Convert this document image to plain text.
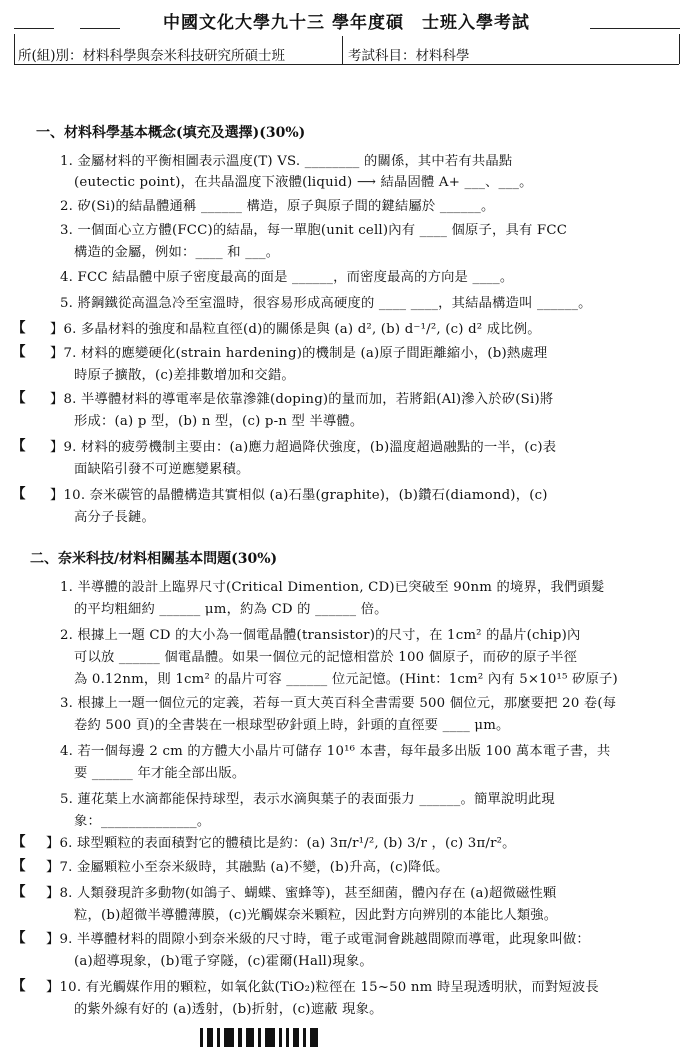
中國文化大學九十三 學年度碩　士班入學考試
所(組)別：材料科學與奈米科技研究所碩士班	考試科目：材料科學
一、材料科學基本概念(填充及選擇)(30%)
1. 金屬材料的平衡相圖表示溫度(T) VS. ________ 的關係，其中若有共晶點
(eutectic point)，在共晶溫度下液體(liquid) ⟶ 結晶固體 A+ ___、___。
2. 矽(Si)的結晶體通稱 ______ 構造，原子與原子間的鍵結屬於 ______。
3. 一個面心立方體(FCC)的結晶，每一單胞(unit cell)內有 ____ 個原子，具有 FCC
構造的金屬，例如：____ 和 ___。
4. FCC 結晶體中原子密度最高的面是 ______，而密度最高的方向是 ____。
5. 將鋼鐵從高溫急冷至室溫時，很容易形成高硬度的 ____ ____，其結晶構造叫 ______。
【 】6. 多晶材料的強度和晶粒直徑(d)的關係是與 (a) d², (b) d⁻¹/², (c) d² 成比例。
【 】7. 材料的應變硬化(strain hardening)的機制是 (a)原子間距離縮小，(b)熱處理
時原子擴散，(c)差排數增加和交錯。
【 】8. 半導體材料的導電率是依靠滲雜(doping)的量而加，若將鋁(Al)滲入於矽(Si)將
形成：(a) p 型，(b) n 型，(c) p-n 型 半導體。
【 】9. 材料的疲勞機制主要由：(a)應力超過降伏強度，(b)溫度超過融點的一半，(c)表
面缺陷引發不可逆應變累積。
【 】10. 奈米碳管的晶體構造其實相似 (a)石墨(graphite)，(b)鑽石(diamond)，(c)
高分子長鏈。
二、奈米科技/材料相關基本問題(30%)
1. 半導體的設計上臨界尺寸(Critical Dimention, CD)已突破至 90nm 的境界，我們頭髮
的平均粗細約 ______ μm，約為 CD 的 ______ 倍。
2. 根據上一題 CD 的大小為一個電晶體(transistor)的尺寸，在 1cm² 的晶片(chip)內
可以放 ______ 個電晶體。如果一個位元的記憶相當於 100 個原子，而矽的原子半徑
為 0.12nm，則 1cm² 的晶片可容 ______ 位元記憶。(Hint：1cm² 內有 5×10¹⁵ 矽原子)
3. 根據上一題一個位元的定義，若每一頁大英百科全書需要 500 個位元，那麼要把 20 卷(每
卷約 500 頁)的全書裝在一根球型矽針頭上時，針頭的直徑要 ____ μm。
4. 若一個每邊 2 cm 的方體大小晶片可儲存 10¹⁶ 本書，每年最多出版 100 萬本電子書，共
要 ______ 年才能全部出版。
5. 蓮花葉上水滴都能保持球型，表示水滴與葉子的表面張力 ______。簡單說明此現
象：______________。
【 】6. 球型顆粒的表面積對它的體積比是約：(a) 3π/r¹/², (b) 3/r ，(c) 3π/r²。
【 】7. 金屬顆粒小至奈米級時，其融點 (a)不變，(b)升高，(c)降低。
【 】8. 人類發現許多動物(如鴿子、蝴蝶、蜜蜂等)，甚至細菌，體內存在 (a)超微磁性顆
粒，(b)超微半導體薄膜，(c)光觸媒奈米顆粒，因此對方向辨別的本能比人類強。
【 】9. 半導體材料的間隙小到奈米級的尺寸時，電子或電洞會跳越間隙而導電，此現象叫做：
(a)超導現象，(b)電子穿隧，(c)霍爾(Hall)現象。
【 】10. 有光觸媒作用的顆粒，如氧化鈦(TiO₂)粒徑在 15~50 nm 時呈現透明狀，而對短波長
的紫外線有好的 (a)透射，(b)折射，(c)遮蔽 現象。
